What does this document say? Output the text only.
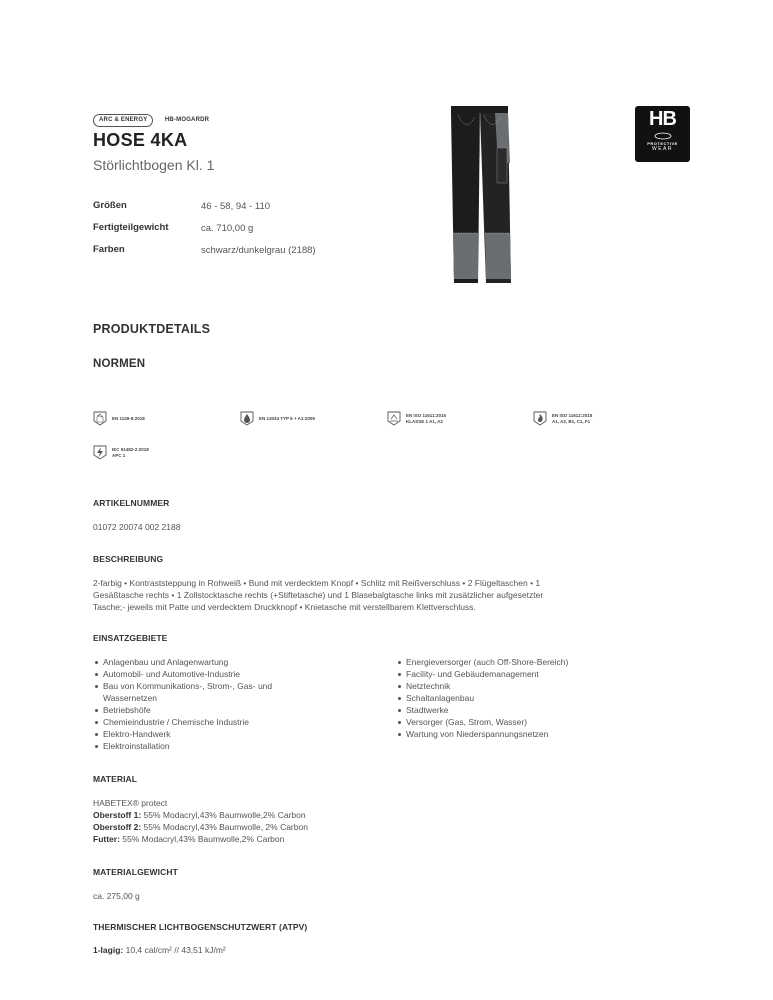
ARC & ENERGY	HB-MOGARDR
HOSE 4KA
Störlichtbogen Kl. 1
Größen	46 - 58, 94 - 110
Fertigteilgewicht	ca. 710,00 g
Farben	schwarz/dunkelgrau (2188)
HB
PROTECTIVE
WEAR
PRODUKTDETAILS
NORMEN
EN 1149-5:2018	EN 13034 TYP 6 + A1:2009
EN ISO 11611:2015
KLASSE 1 A1, A2
EN ISO 11612:2015
A1, A2, B1, C1, F1
IEC 61482-2:2018
APC 1
ARTIKELNUMMER
01072 20074 002 2188
BESCHREIBUNG
2-farbig • Kontraststeppung in Rohweiß • Bund mit verdecktem Knopf • Schlitz mit Reißverschluss • 2 Flügeltaschen • 1
Gesäßtasche rechts • 1 Zollstocktasche rechts (+Stiftetasche) und 1 Blasebalgtasche links mit zusätzlicher aufgesetzter
Tasche;- jeweils mit Patte und verdecktem Druckknopf • Knietasche mit verstellbarem Klettverschluss.
EINSATZGEBIETE
Anlagenbau und Anlagenwartung
Automobil- und Automotive-Industrie
Bau von Kommunikations-, Strom-, Gas- und Wassernetzen
Betriebshöfe
Chemieindustrie / Chemische Industrie
Elektro-Handwerk
Elektroinstallation
Energieversorger (auch Off-Shore-Bereich)
Facility- und Gebäudemanagement
Netztechnik
Schaltanlagenbau
Stadtwerke
Versorger (Gas, Strom, Wasser)
Wartung von Niederspannungsnetzen
MATERIAL
HABETEX® protect
Oberstoff 1: 55% Modacryl,43% Baumwolle,2% Carbon
Oberstoff 2: 55% Modacryl,43% Baumwolle, 2% Carbon
Futter: 55% Modacryl,43% Baumwolle,2% Carbon
MATERIALGEWICHT
ca. 275,00 g
THERMISCHER LICHTBOGENSCHUTZWERT (ATPV)
1-lagig: 10,4 cal/cm² // 43,51 kJ/m²
